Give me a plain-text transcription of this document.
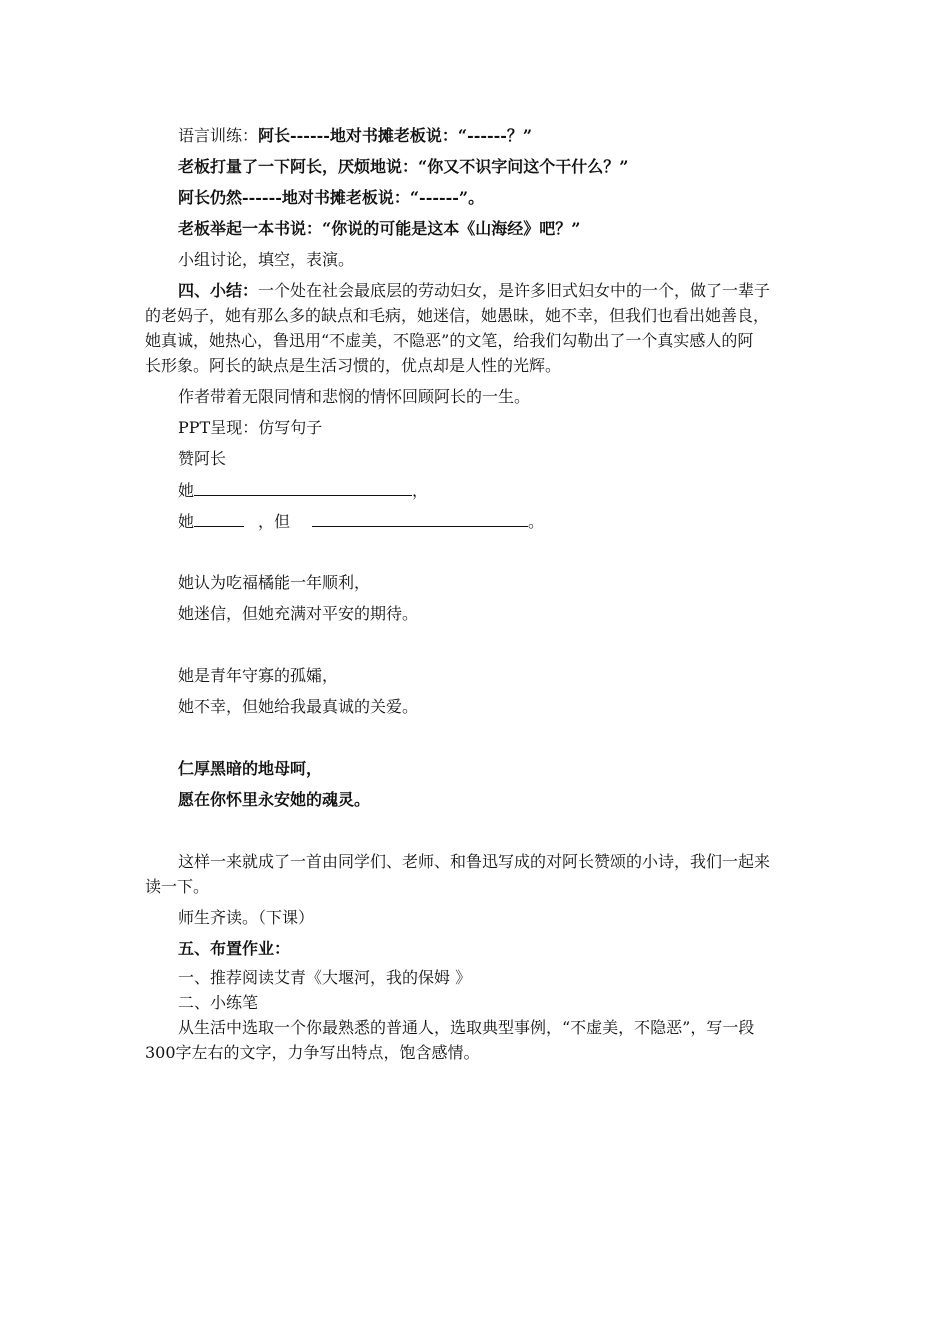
语言训练：阿长------地对书摊老板说：“------？”
老板打量了一下阿长，厌烦地说：“你又不识字问这个干什么？”
阿长仍然------地对书摊老板说：“------”。
老板举起一本书说：“你说的可能是这本《山海经》吧？”
小组讨论，填空，表演。
四、小结：一个处在社会最底层的劳动妇女，是许多旧式妇女中的一个，做了一辈子
的老妈子，她有那么多的缺点和毛病，她迷信，她愚昧，她不幸，但我们也看出她善良，
她真诚，她热心，鲁迅用“不虚美，不隐恶”的文笔，给我们勾勒出了一个真实感人的阿
长形象。阿长的缺点是生活习惯的，优点却是人性的光辉。
作者带着无限同情和悲悯的情怀回顾阿长的一生。
PPT呈现：仿写句子
赞阿长
她	，
她	，但	。
她认为吃福橘能一年顺利，
她迷信，但她充满对平安的期待。
她是青年守寡的孤孀，
她不幸，但她给我最真诚的关爱。
仁厚黑暗的地母呵，
愿在你怀里永安她的魂灵。
这样一来就成了一首由同学们、老师、和鲁迅写成的对阿长赞颂的小诗，我们一起来
读一下。
师生齐读。（下课）
五、布置作业：
一、推荐阅读艾青《大堰河，我的保姆 》
二、小练笔
从生活中选取一个你最熟悉的普通人，选取典型事例，“不虚美，不隐恶”，写一段
300字左右的文字，力争写出特点，饱含感情。
